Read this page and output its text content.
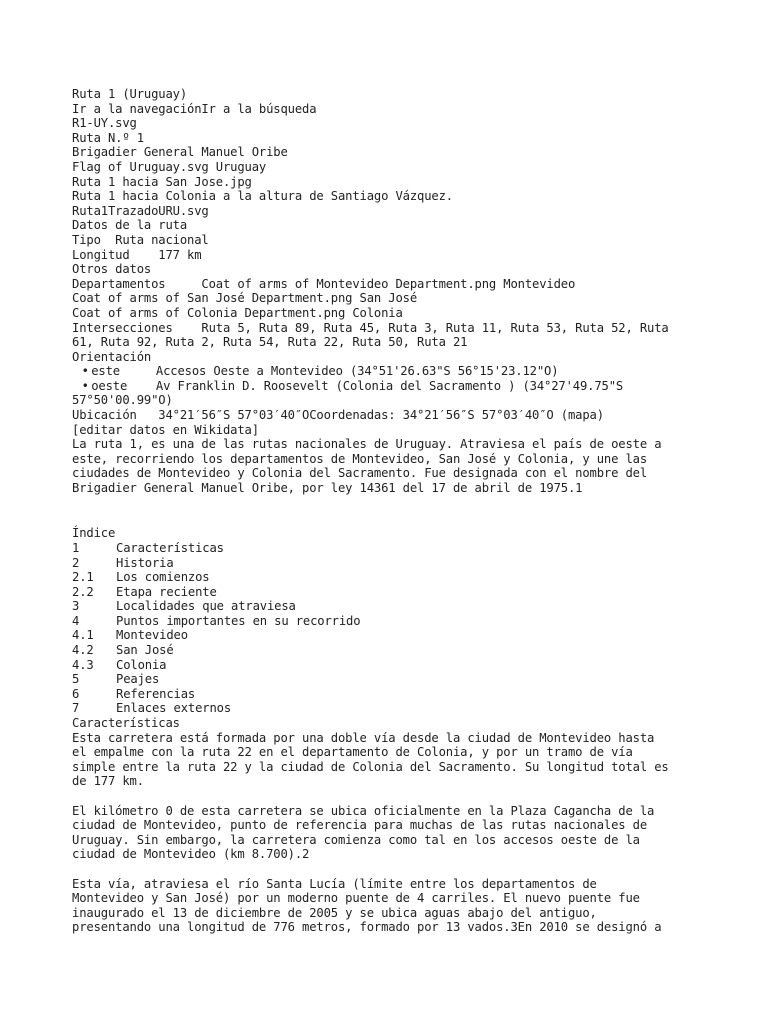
Ruta 1 (Uruguay)
Ir a la navegaciónIr a la búsqueda
R1-UY.svg
Ruta N.º 1
Brigadier General Manuel Oribe
Flag of Uruguay.svg Uruguay
Ruta 1 hacia San Jose.jpg
Ruta 1 hacia Colonia a la altura de Santiago Vázquez.
Ruta1TrazadoURU.svg
Datos de la ruta
Tipo Ruta nacional
Longitud 177 km
Otros datos
Departamentos	Coat of arms of Montevideo Department.png Montevideo
Coat of arms of San José Department.png San José
Coat of arms of Colonia Department.png Colonia
Intersecciones Ruta 5, Ruta 89, Ruta 45, Ruta 3, Ruta 11, Ruta 53, Ruta 52, Ruta
61, Ruta 92, Ruta 2, Ruta 54, Ruta 22, Ruta 50, Ruta 21
Orientación
• este	Accesos Oeste a Montevideo (34°51'26.63"S 56°15'23.12"O)
• oeste Av Franklin D. Roosevelt (Colonia del Sacramento ) (34°27'49.75"S
57°50'00.99"O)
Ubicación 34°21′56″S 57°03′40″OCoordenadas: 34°21′56″S 57°03′40″O (mapa)
[editar datos en Wikidata]
La ruta 1, es una de las rutas nacionales de Uruguay. Atraviesa el país de oeste a
este, recorriendo los departamentos de Montevideo, San José y Colonia, y une las
ciudades de Montevideo y Colonia del Sacramento. Fue designada con el nombre del
Brigadier General Manuel Oribe, por ley 14361 del 17 de abril de 1975.1
Índice
1	Características
2	Historia
2.1 Los comienzos
2.2 Etapa reciente
3	Localidades que atraviesa
4	Puntos importantes en su recorrido
4.1 Montevideo
4.2 San José
4.3 Colonia
5	Peajes
6	Referencias
7	Enlaces externos
Características
Esta carretera está formada por una doble vía desde la ciudad de Montevideo hasta
el empalme con la ruta 22 en el departamento de Colonia, y por un tramo de vía
simple entre la ruta 22 y la ciudad de Colonia del Sacramento. Su longitud total es
de 177 km.
El kilómetro 0 de esta carretera se ubica oficialmente en la Plaza Cagancha de la
ciudad de Montevideo, punto de referencia para muchas de las rutas nacionales de
Uruguay. Sin embargo, la carretera comienza como tal en los accesos oeste de la
ciudad de Montevideo (km 8.700).2
Esta vía, atraviesa el río Santa Lucía (límite entre los departamentos de
Montevideo y San José) por un moderno puente de 4 carriles. El nuevo puente fue
inaugurado el 13 de diciembre de 2005 y se ubica aguas abajo del antiguo,
presentando una longitud de 776 metros, formado por 13 vados.3En 2010 se designó a
